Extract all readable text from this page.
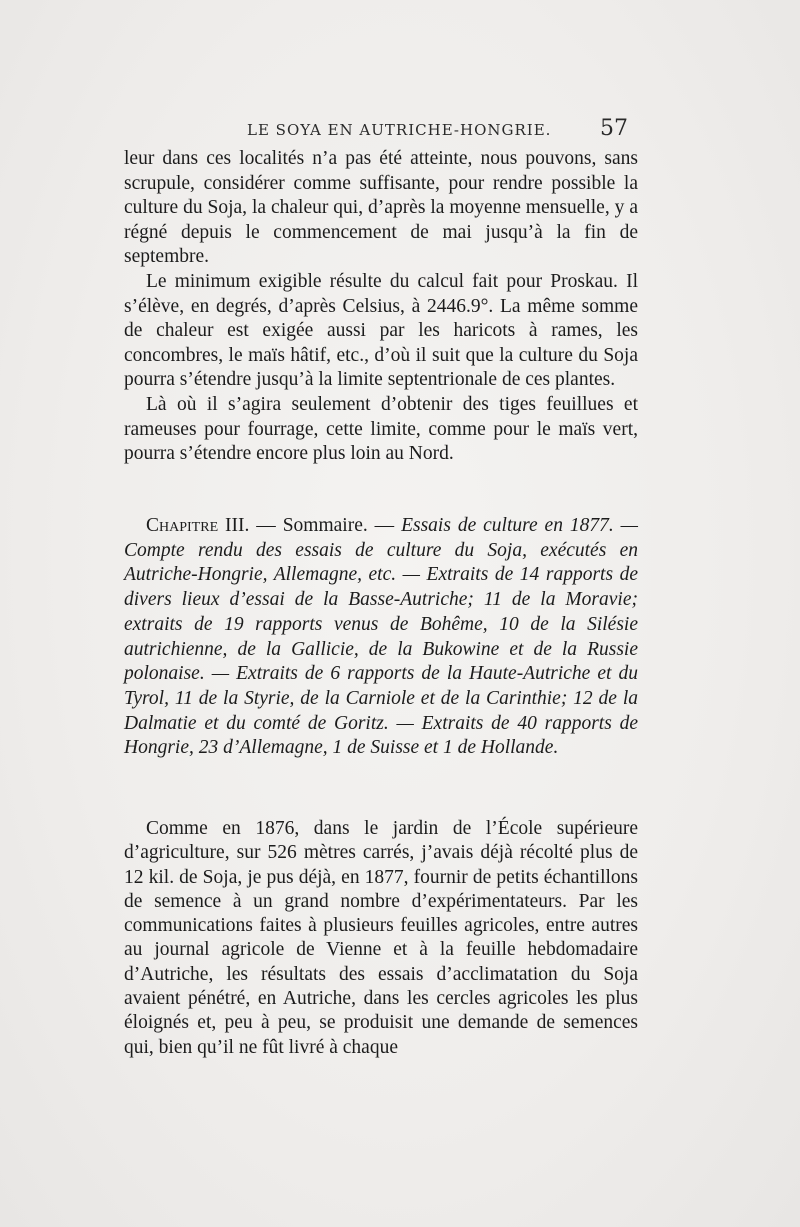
LE SOYA EN AUTRICHE-HONGRIE. 57

leur dans ces localités n’a pas été atteinte, nous pouvons, sans scrupule, considérer comme suffisante, pour rendre possible la culture du Soja, la chaleur qui, d’après la moyenne mensuelle, y a régné depuis le commencement de mai jusqu’à la fin de septembre.

Le minimum exigible résulte du calcul fait pour Proskau. Il s’élève, en degrés, d’après Celsius, à 2446.9°. La même somme de chaleur est exigée aussi par les haricots à rames, les concombres, le maïs hâtif, etc., d’où il suit que la culture du Soja pourra s’étendre jusqu’à la limite septentrionale de ces plantes.

Là où il s’agira seulement d’obtenir des tiges feuillues et rameuses pour fourrage, cette limite, comme pour le maïs vert, pourra s’étendre encore plus loin au Nord.

Chapitre III. — Sommaire. — Essais de culture en 1877. — Compte rendu des essais de culture du Soja, exécutés en Autriche-Hongrie, Allemagne, etc. — Extraits de 14 rapports de divers lieux d’essai de la Basse-Autriche; 11 de la Moravie; extraits de 19 rapports venus de Bohême, 10 de la Silésie autrichienne, de la Gallicie, de la Bukowine et de la Russie polonaise. — Extraits de 6 rapports de la Haute-Autriche et du Tyrol, 11 de la Styrie, de la Carniole et de la Carinthie; 12 de la Dalmatie et du comté de Goritz. — Extraits de 40 rapports de Hongrie, 23 d’Allemagne, 1 de Suisse et 1 de Hollande.

Comme en 1876, dans le jardin de l’École supérieure d’agriculture, sur 526 mètres carrés, j’avais déjà récolté plus de 12 kil. de Soja, je pus déjà, en 1877, fournir de petits échantillons de semence à un grand nombre d’expérimentateurs. Par les communications faites à plusieurs feuilles agricoles, entre autres au journal agricole de Vienne et à la feuille hebdomadaire d’Autriche, les résultats des essais d’acclimatation du Soja avaient pénétré, en Autriche, dans les cercles agricoles les plus éloignés et, peu à peu, se produisit une demande de semences qui, bien qu’il ne fût livré à chaque
